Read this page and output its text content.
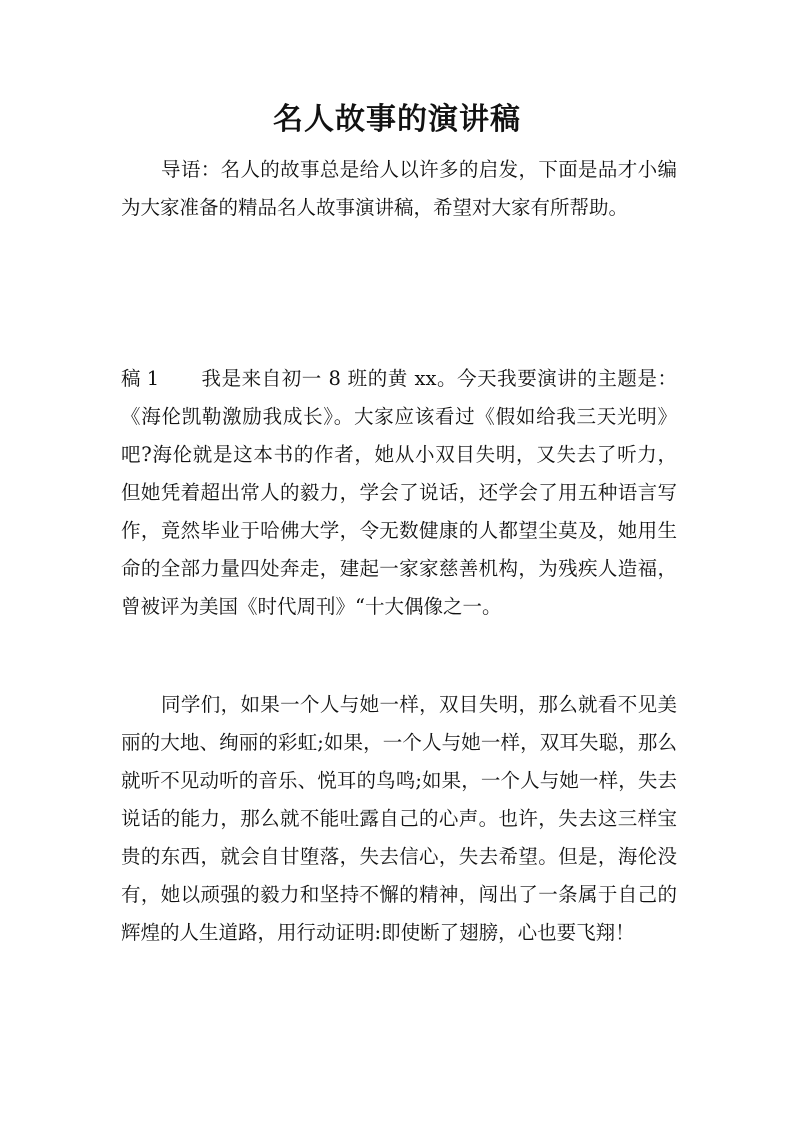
名人故事的演讲稿

导语：名人的故事总是给人以许多的启发，下面是品才小编为大家准备的精品名人故事演讲稿，希望对大家有所帮助。

稿 1 我是来自初一 8 班的黄 xx。今天我要演讲的主题是：《海伦凯勒激励我成长》。大家应该看过《假如给我三天光明》吧?海伦就是这本书的作者，她从小双目失明，又失去了听力，但她凭着超出常人的毅力，学会了说话，还学会了用五种语言写作，竟然毕业于哈佛大学，令无数健康的人都望尘莫及，她用生命的全部力量四处奔走，建起一家家慈善机构，为残疾人造福，曾被评为美国《时代周刊》“十大偶像之一。

同学们，如果一个人与她一样，双目失明，那么就看不见美丽的大地、绚丽的彩虹;如果，一个人与她一样，双耳失聪，那么就听不见动听的音乐、悦耳的鸟鸣;如果，一个人与她一样，失去说话的能力，那么就不能吐露自己的心声。也许，失去这三样宝贵的东西，就会自甘堕落，失去信心，失去希望。但是，海伦没有，她以顽强的毅力和坚持不懈的精神，闯出了一条属于自己的辉煌的人生道路，用行动证明:即使断了翅膀，心也要飞翔！
